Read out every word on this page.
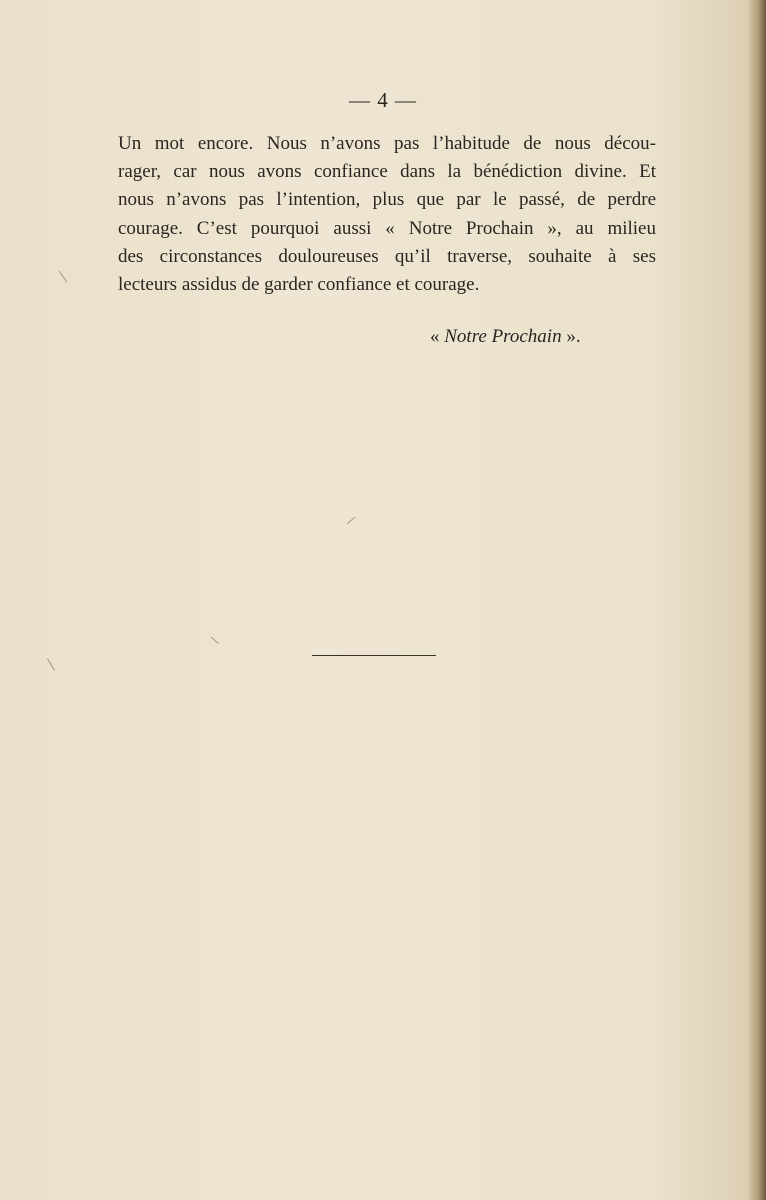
— 4 —
Un mot encore. Nous n’avons pas l’habitude de nous décou-
rager, car nous avons confiance dans la bénédiction divine. Et
nous n’avons pas l’intention, plus que par le passé, de perdre
courage. C’est pourquoi aussi « Notre Prochain », au milieu
des circonstances douloureuses qu’il traverse, souhaite à ses
lecteurs assidus de garder confiance et courage.
« Notre Prochain ».
